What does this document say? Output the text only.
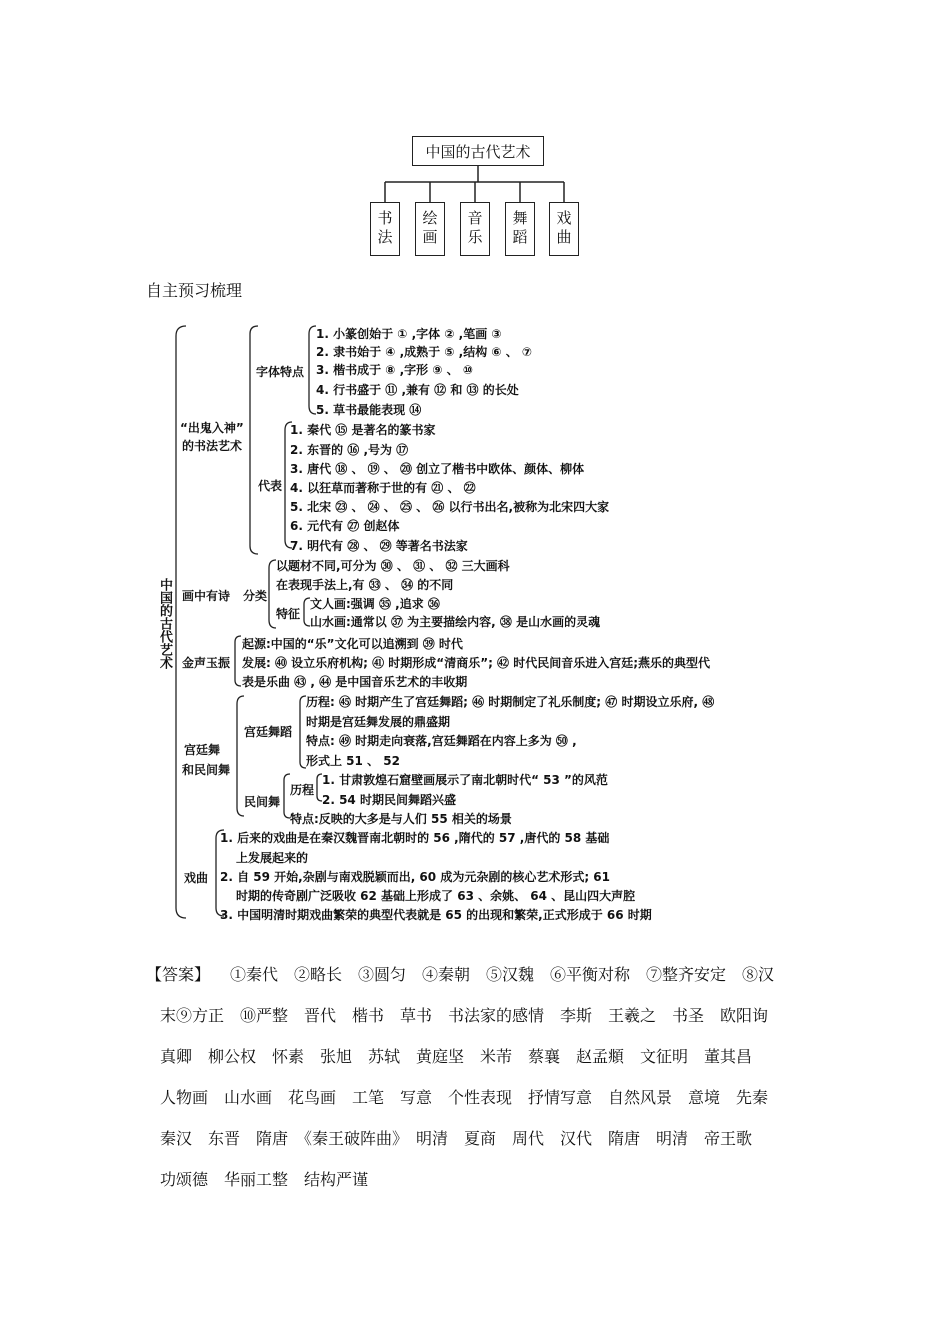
中国的古代艺术
书法 绘画 音乐 舞蹈 戏曲
自主预习梳理
中国的古代艺术
“出鬼入神”
的书法艺术
字体特点
1. 小篆创始于 ① ,字体 ② ,笔画 ③
2. 隶书始于 ④ ,成熟于 ⑤ ,结构 ⑥ 、 ⑦
3. 楷书成于 ⑧ ,字形 ⑨ 、 ⑩
4. 行书盛于 ⑪ ,兼有 ⑫ 和 ⑬ 的长处
5. 草书最能表现 ⑭
代表
1. 秦代 ⑮ 是著名的篆书家
2. 东晋的 ⑯ ,号为 ⑰
3. 唐代 ⑱ 、 ⑲ 、 ⑳ 创立了楷书中欧体、颜体、柳体
4. 以狂草而著称于世的有 ㉑ 、 ㉒
5. 北宋 ㉓ 、 ㉔ 、 ㉕ 、 ㉖ 以行书出名,被称为北宋四大家
6. 元代有 ㉗ 创赵体
7. 明代有 ㉘ 、 ㉙ 等著名书法家
画中有诗 分类
以题材不同,可分为 ㉚ 、 ㉛ 、 ㉜ 三大画科
在表现手法上,有 ㉝ 、 ㉞ 的不同
特征
文人画:强调 ㉟ ,追求 ㊱
山水画:通常以 ㊲ 为主要描绘内容, ㊳ 是山水画的灵魂
金声玉振
起源:中国的“乐”文化可以追溯到 ㊴ 时代
发展: ㊵ 设立乐府机构; ㊶ 时期形成“清商乐”; ㊷ 时代民间音乐进入宫廷;燕乐的典型代
表是乐曲 ㊸ , ㊹ 是中国音乐艺术的丰收期
宫廷舞
和民间舞
宫廷舞蹈
历程: ㊺ 时期产生了宫廷舞蹈; ㊻ 时期制定了礼乐制度; ㊼ 时期设立乐府, ㊽
时期是宫廷舞发展的鼎盛期
特点: ㊾ 时期走向衰落,宫廷舞蹈在内容上多为 ㊿ ,
形式上 51 、 52
民间舞
历程
1. 甘肃敦煌石窟壁画展示了南北朝时代“ 53 ”的风范
2. 54 时期民间舞蹈兴盛
特点:反映的大多是与人们 55 相关的场景
戏曲
1. 后来的戏曲是在秦汉魏晋南北朝时的 56 ,隋代的 57 ,唐代的 58 基础
上发展起来的
2. 自 59 开始,杂剧与南戏脱颖而出, 60 成为元杂剧的核心艺术形式; 61
时期的传奇剧广泛吸收 62 基础上形成了 63 、余姚、 64 、昆山四大声腔
3. 中国明清时期戏曲繁荣的典型代表就是 65 的出现和繁荣,正式形成于 66 时期
【答案】 ①秦代　②略长　③圆匀　④秦朝　⑤汉魏　⑥平衡对称　⑦整齐安定　⑧汉
末⑨方正　⑩严整　晋代　楷书　草书　书法家的感情　李斯　王羲之　书圣　欧阳询
真卿　柳公权　怀素　张旭　苏轼　黄庭坚　米芾　蔡襄　赵孟頫　文征明　董其昌
人物画　山水画　花鸟画　工笔　写意　个性表现　抒情写意　自然风景　意境　先秦
秦汉　东晋　隋唐　《秦王破阵曲》　明清　夏商　周代　汉代　隋唐　明清　帝王歌
功颂德　华丽工整　结构严谨
